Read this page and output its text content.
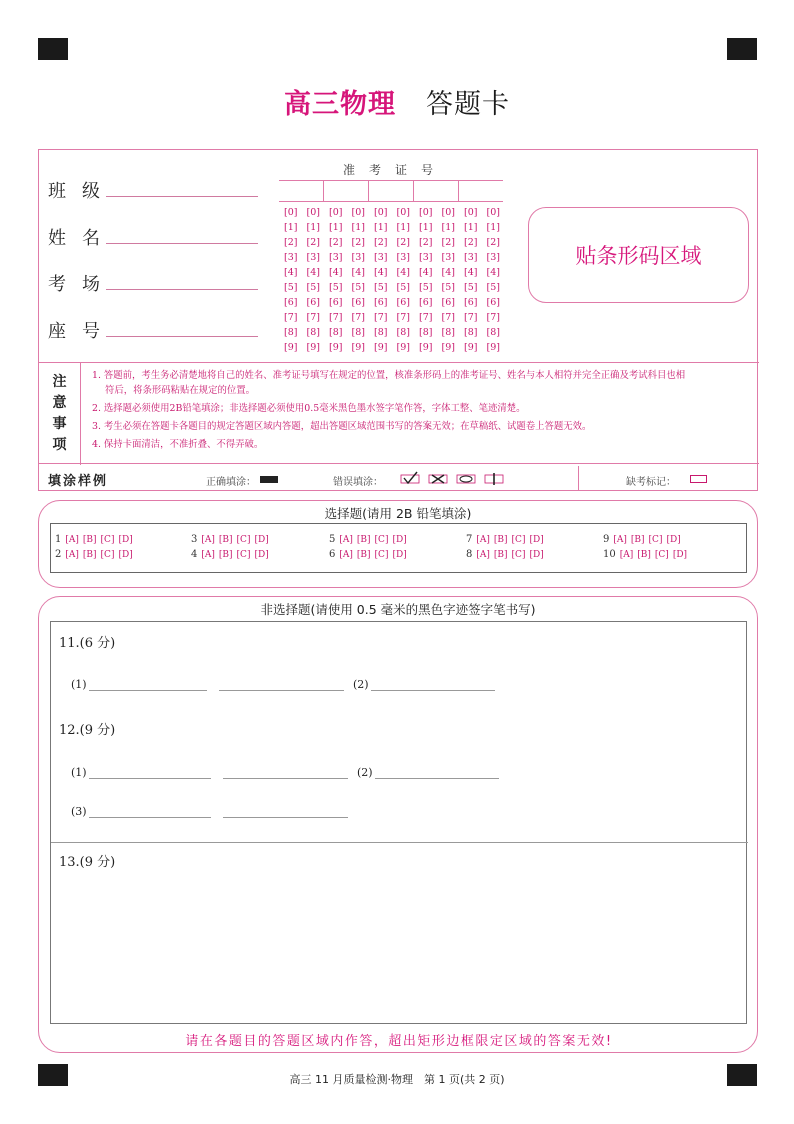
高三物理 答题卡
班级
姓名
考场
座号
准考证号
[0] [0] [0] [0] [0] [0] [0] [0] [0] [0]
[1] [1] [1] [1] [1] [1] [1] [1] [1] [1]
[2] [2] [2] [2] [2] [2] [2] [2] [2] [2]
[3] [3] [3] [3] [3] [3] [3] [3] [3] [3]
[4] [4] [4] [4] [4] [4] [4] [4] [4] [4]
[5] [5] [5] [5] [5] [5] [5] [5] [5] [5]
[6] [6] [6] [6] [6] [6] [6] [6] [6] [6]
[7] [7] [7] [7] [7] [7] [7] [7] [7] [7]
[8] [8] [8] [8] [8] [8] [8] [8] [8] [8]
[9] [9] [9] [9] [9] [9] [9] [9] [9] [9]
贴条形码区域
注
意
事
项
1. 答题前，考生务必清楚地将自己的姓名、准考证号填写在规定的位置，核准条形码上的准考证号、姓名与本人相符并完全正确及考试科目也相
符后，将条形码粘贴在规定的位置。
2. 选择题必须使用2B铅笔填涂；非选择题必须使用0.5毫米黑色墨水签字笔作答，字体工整、笔迹清楚。
3. 考生必须在答题卡各题目的规定答题区域内答题，超出答题区域范围书写的答案无效；在草稿纸、试题卷上答题无效。
4. 保持卡面清洁，不准折叠、不得弄破。
填涂样例	正确填涂：	错误填涂：	缺考标记：
选择题(请用 2B 铅笔填涂)
1 [A] [B] [C] [D]
2 [A] [B] [C] [D]
3 [A] [B] [C] [D]
4 [A] [B] [C] [D]
5 [A] [B] [C] [D]
6 [A] [B] [C] [D]
7 [A] [B] [C] [D]
8 [A] [B] [C] [D]
9 [A] [B] [C] [D]
10 [A] [B] [C] [D]
非选择题(请使用 0.5 毫米的黑色字迹签字笔书写)
11.(6 分)
(1)	(2)
12.(9 分)
(1)	(2)
(3)
13.(9 分)
请在各题目的答题区域内作答，超出矩形边框限定区域的答案无效!
高三 11 月质量检测·物理　第 1 页(共 2 页)
